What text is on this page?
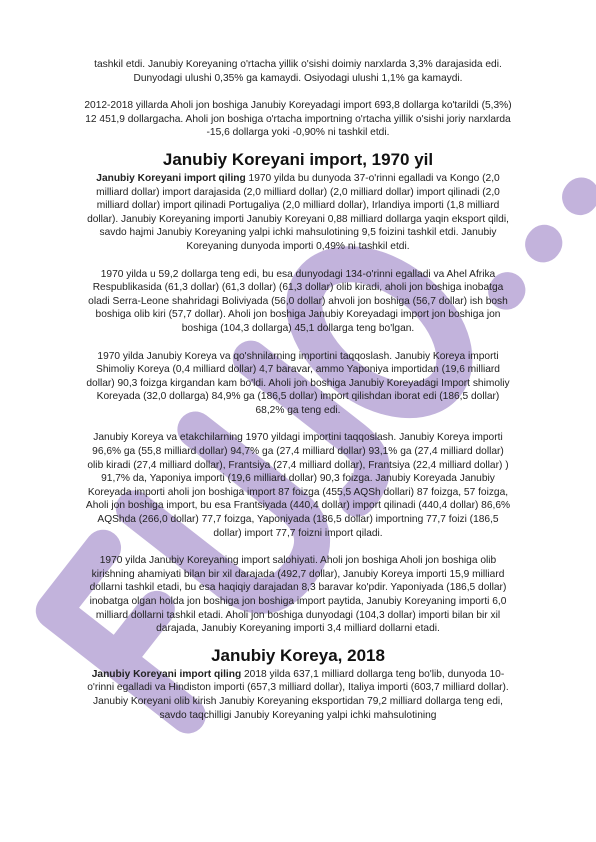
tashkil etdi. Janubiy Koreyaning o'rtacha yillik o'sishi doimiy narxlarda 3,3% darajasida edi. Dunyodagi ulushi 0,35% ga kamaydi. Osiyodagi ulushi 1,1% ga kamaydi.

2012-2018 yillarda Aholi jon boshiga Janubiy Koreyadagi import 693,8 dollarga ko'tarildi (5,3%) 12 451,9 dollargacha. Aholi jon boshiga o'rtacha importning o'rtacha yillik o'sishi joriy narxlarda -15,6 dollarga yoki -0,90% ni tashkil etdi.

Janubiy Koreyani import, 1970 yil

Janubiy Koreyani import qiling 1970 yilda bu dunyoda 37-o'rinni egalladi va Kongo (2,0 milliard dollar) import darajasida (2,0 milliard dollar) (2,0 milliard dollar) import qilinadi (2,0 milliard dollar) import qilinadi Portugaliya (2,0 milliard dollar), Irlandiya importi (1,8 milliard dollar). Janubiy Koreyaning importi Janubiy Koreyani 0,88 milliard dollarga yaqin eksport qildi, savdo hajmi Janubiy Koreyaning yalpi ichki mahsulotining 9,5 foizini tashkil etdi. Janubiy Koreyaning dunyoda importi 0,49% ni tashkil etdi.

1970 yilda u 59,2 dollarga teng edi, bu esa dunyodagi 134-o'rinni egalladi va Ahel Afrika Respublikasida (61,3 dollar) (61,3 dollar) (61,3 dollar) olib kiradi, aholi jon boshiga inobatga oladi Serra-Leone shahridagi Boliviyada (56,0 dollar) ahvoli jon boshiga (56,7 dollar) ish bosh boshiga olib kiri (57,7 dollar). Aholi jon boshiga Janubiy Koreyadagi import jon boshiga jon boshiga (104,3 dollarga) 45,1 dollarga teng bo'lgan.

1970 yilda Janubiy Koreya va qo'shnilarning importini taqqoslash. Janubiy Koreya importi Shimoliy Koreya (0,4 milliard dollar) 4,7 baravar, ammo Yaponiya importidan (19,6 milliard dollar) 90,3 foizga kirgandan kam bo'ldi. Aholi jon boshiga Janubiy Koreyadagi Import shimoliy Koreyada (32,0 dollarga) 84,9% ga (186,5 dollar) import qilishdan iborat edi (186,5 dollar) 68,2% ga teng edi.

Janubiy Koreya va etakchilarning 1970 yildagi importini taqqoslash. Janubiy Koreya importi 96,6% ga (55,8 milliard dollar) 94,7% ga (27,4 milliard dollar) 93,1% ga (27,4 milliard dollar) olib kiradi (27,4 milliard dollar), Frantsiya (27,4 milliard dollar), Frantsiya (22,4 milliard dollar) ) 91,7% da, Yaponiya importi (19,6 milliard dollar) 90,3 foizga. Janubiy Koreyada Janubiy Koreyada importi aholi jon boshiga import 87 foizga (455,5 AQSh dollari) 87 foizga, 57 foizga, Aholi jon boshiga import, bu esa Frantsiyada (440,4 dollar) import qilinadi (440,4 dollar) 86,6% AQShda (266,0 dollar) 77,7 foizga, Yaponiyada (186,5 dollar) importning 77,7 foizi (186,5 dollar) import 77,7 foizni import qiladi.

1970 yilda Janubiy Koreyaning import salohiyati. Aholi jon boshiga Aholi jon boshiga olib kirishning ahamiyati bilan bir xil darajada (492,7 dollar), Janubiy Koreya importi 15,9 milliard dollarni tashkil etadi, bu esa haqiqiy darajadan 8,3 baravar ko'pdir. Yaponiyada (186,5 dollar) inobatga olgan holda jon boshiga jon boshiga import paytida, Janubiy Koreyaning importi 6,0 milliard dollarni tashkil etadi. Aholi jon boshiga dunyodagi (104,3 dollar) importi bilan bir xil darajada, Janubiy Koreyaning importi 3,4 milliard dollarni etadi.

Janubiy Koreya, 2018

Janubiy Koreyani import qiling 2018 yilda 637,1 milliard dollarga teng bo'lib, dunyoda 10-o'rinni egalladi va Hindiston importi (657,3 milliard dollar), Italiya importi (603,7 milliard dollar). Janubiy Koreyani olib kirish Janubiy Koreyaning eksportidan 79,2 milliard dollarga teng edi, savdo taqchilligi Janubiy Koreyaning yalpi ichki mahsulotining
